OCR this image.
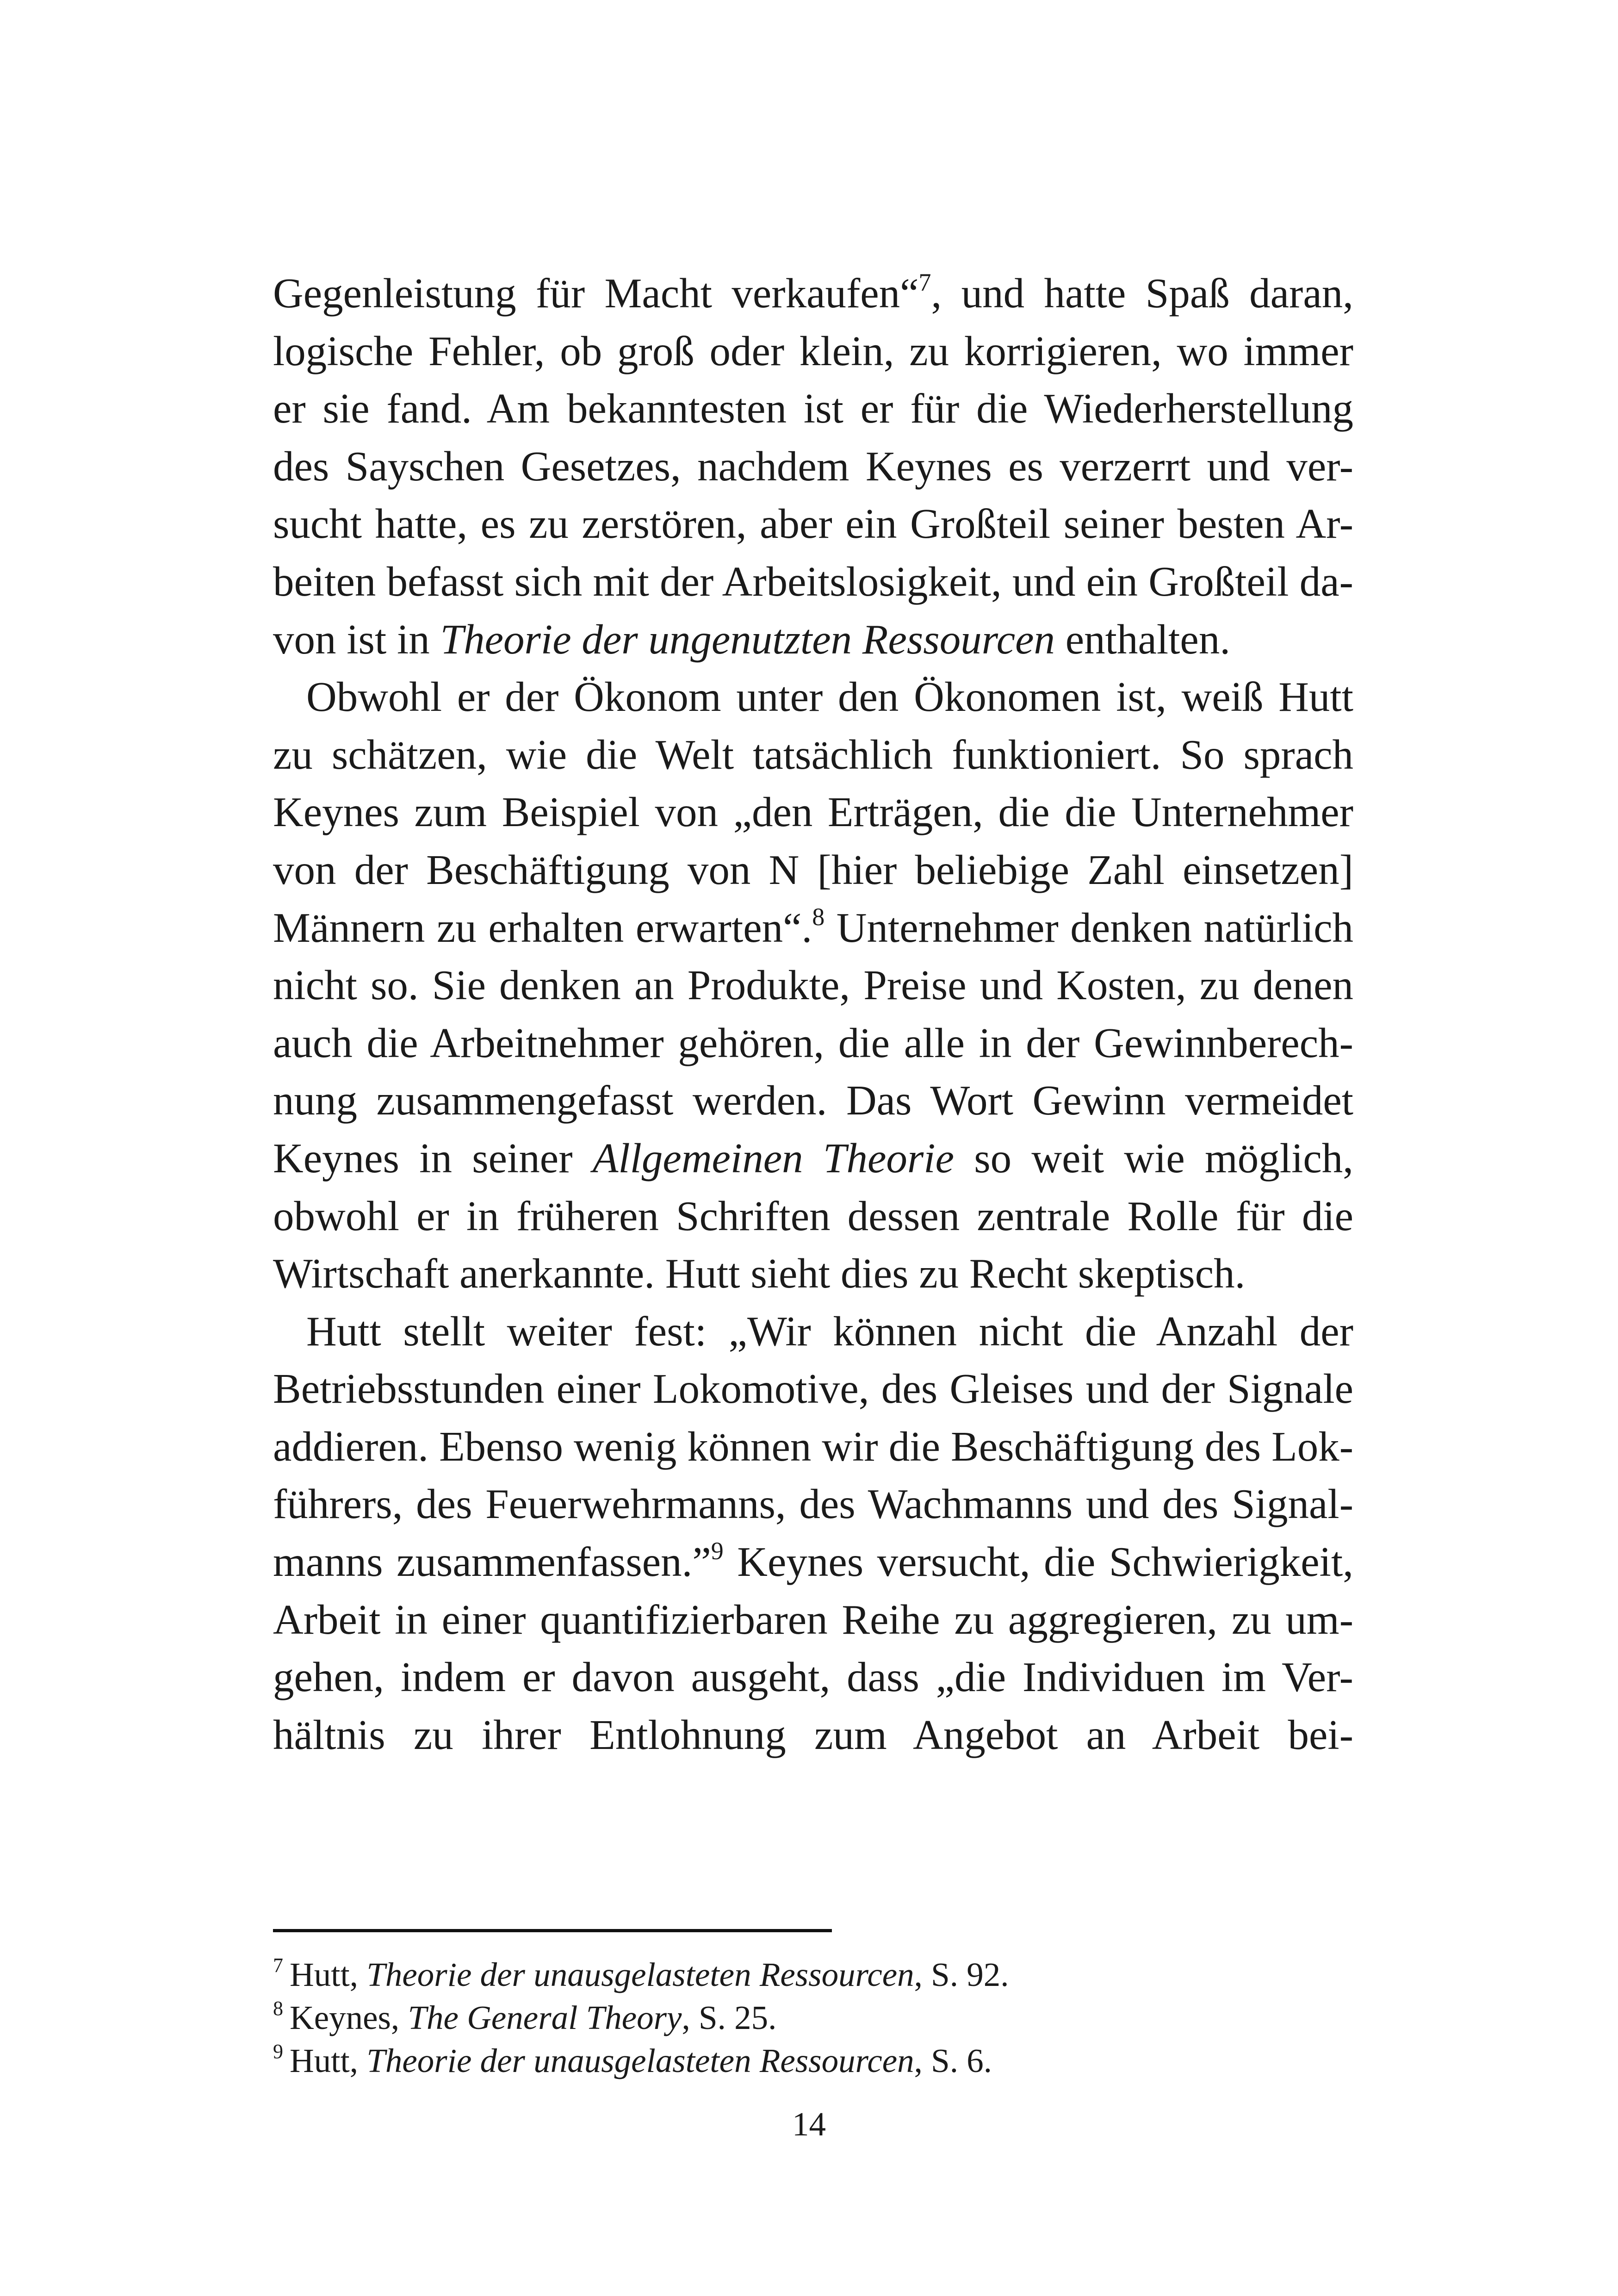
Gegenleistung für Macht verkaufen“$^7$, und hatte Spaß daran,
logische Fehler, ob groß oder klein, zu korrigieren, wo immer
er sie fand. Am bekanntesten ist er für die Wiederherstellung
des Sayschen Gesetzes, nachdem Keynes es verzerrt und ver-
sucht hatte, es zu zerstören, aber ein Großteil seiner besten Ar-
beiten befasst sich mit der Arbeitslosigkeit, und ein Großteil da-
von ist in Theorie der ungenutzten Ressourcen enthalten.
Obwohl er der Ökonom unter den Ökonomen ist, weiß Hutt
zu schätzen, wie die Welt tatsächlich funktioniert. So sprach
Keynes zum Beispiel von „den Erträgen, die die Unternehmer
von der Beschäftigung von N [hier beliebige Zahl einsetzen]
Männern zu erhalten erwarten“.$^8$ Unternehmer denken natürlich
nicht so. Sie denken an Produkte, Preise und Kosten, zu denen
auch die Arbeitnehmer gehören, die alle in der Gewinnberech-
nung zusammengefasst werden. Das Wort Gewinn vermeidet
Keynes in seiner Allgemeinen Theorie so weit wie möglich,
obwohl er in früheren Schriften dessen zentrale Rolle für die
Wirtschaft anerkannte. Hutt sieht dies zu Recht skeptisch.
Hutt stellt weiter fest: „Wir können nicht die Anzahl der
Betriebsstunden einer Lokomotive, des Gleises und der Signale
addieren. Ebenso wenig können wir die Beschäftigung des Lok-
führers, des Feuerwehrmanns, des Wachmanns und des Signal-
manns zusammenfassen.”$^9$ Keynes versucht, die Schwierigkeit,
Arbeit in einer quantifizierbaren Reihe zu aggregieren, zu um-
gehen, indem er davon ausgeht, dass „die Individuen im Ver-
hältnis zu ihrer Entlohnung zum Angebot an Arbeit bei-
$^7$ Hutt, Theorie der unausgelasteten Ressourcen, S. 92.
$^8$ Keynes, The General Theory, S. 25.
$^9$ Hutt, Theorie der unausgelasteten Ressourcen, S. 6.
14
